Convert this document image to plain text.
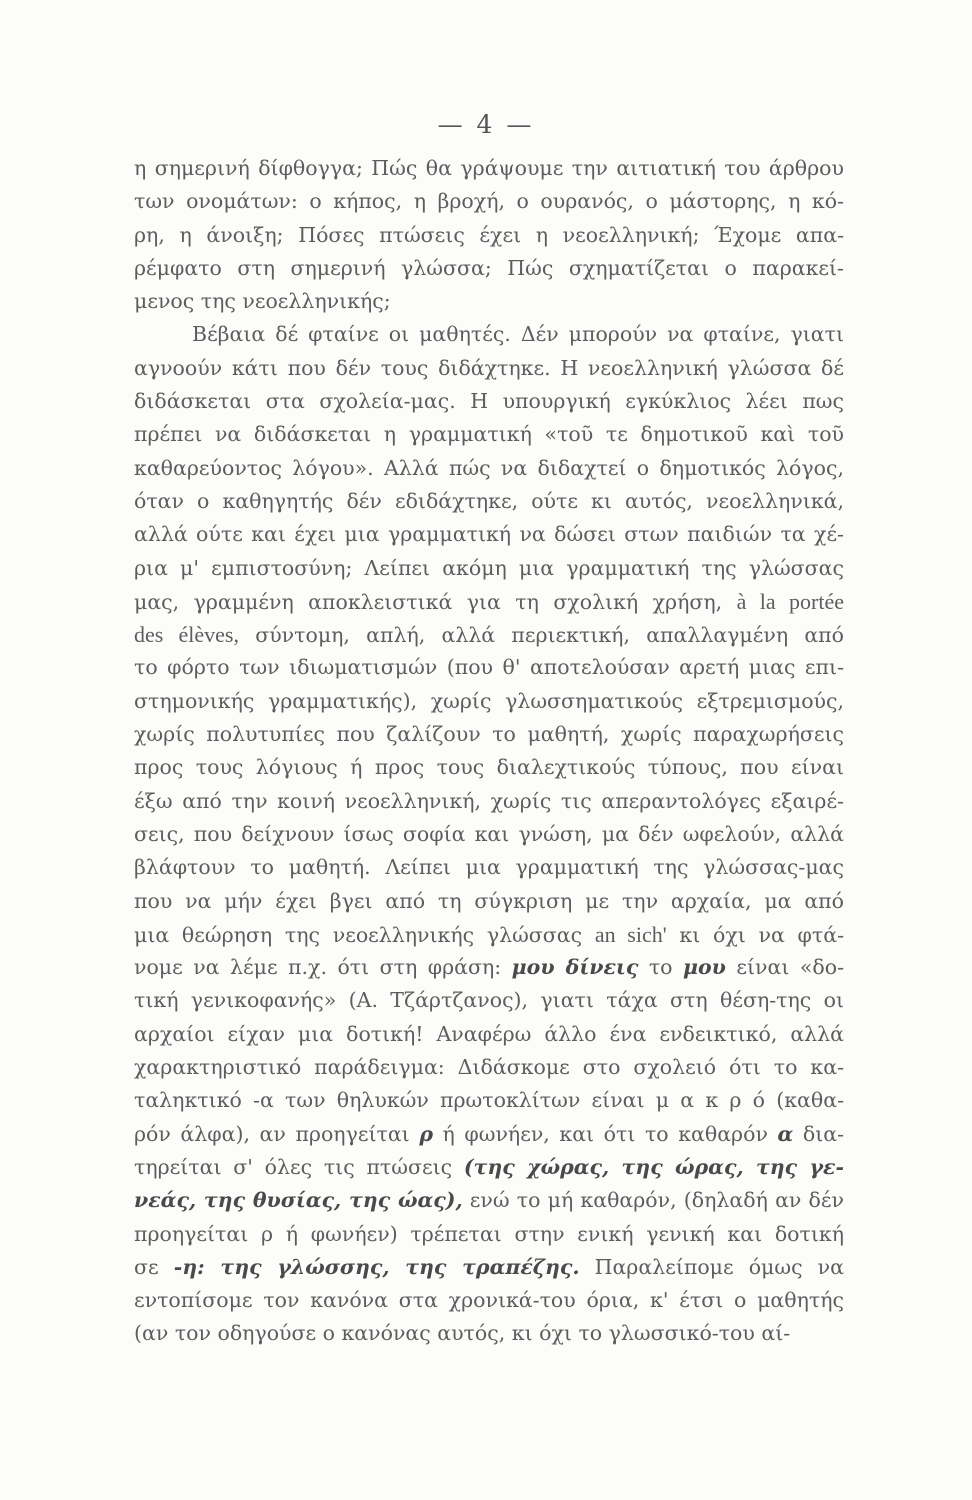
— 4 —
η σημερινή δίφθογγα; Πώς θα γράψουμε την αιτιατική του άρθρου
των ονομάτων: ο κήπος, η βροχή, ο ουρανός, ο μάστορης, η κό-
ρη, η άνοιξη; Πόσες πτώσεις έχει η νεοελληνική; Έχομε απα-
ρέμφατο στη σημερινή γλώσσα; Πώς σχηματίζεται ο παρακεί-
μενος της νεοελληνικής;
Βέβαια δέ φταίνε οι μαθητές. Δέν μπορούν να φταίνε, γιατι
αγνοούν κάτι που δέν τους διδάχτηκε. Η νεοελληνική γλώσσα δέ
διδάσκεται στα σχολεία-μας. Η υπουργική εγκύκλιος λέει πως
πρέπει να διδάσκεται η γραμματική «τοῦ τε δημοτικοῦ καὶ τοῦ
καθαρεύοντος λόγου». Αλλά πώς να διδαχτεί ο δημοτικός λόγος,
όταν ο καθηγητής δέν εδιδάχτηκε, ούτε κι αυτός, νεοελληνικά,
αλλά ούτε και έχει μια γραμματική να δώσει στων παιδιών τα χέ-
ρια μ' εμπιστοσύνη; Λείπει ακόμη μια γραμματική της γλώσσας
μας, γραμμένη αποκλειστικά για τη σχολική χρήση, à la portée
des élèves, σύντομη, απλή, αλλά περιεκτική, απαλλαγμένη από
το φόρτο των ιδιωματισμών (που θ' αποτελούσαν αρετή μιας επι-
στημονικής γραμματικής), χωρίς γλωσσηματικούς εξτρεμισμούς,
χωρίς πολυτυπίες που ζαλίζουν το μαθητή, χωρίς παραχωρήσεις
προς τους λόγιους ή προς τους διαλεχτικούς τύπους, που είναι
έξω από την κοινή νεοελληνική, χωρίς τις απεραντολόγες εξαιρέ-
σεις, που δείχνουν ίσως σοφία και γνώση, μα δέν ωφελούν, αλλά
βλάφτουν το μαθητή. Λείπει μια γραμματική της γλώσσας-μας
που να μήν έχει βγει από τη σύγκριση με την αρχαία, μα από
μια θεώρηση της νεοελληνικής γλώσσας an sich' κι όχι να φτά-
νομε να λέμε π.χ. ότι στη φράση: μου δίνεις το μου είναι «δο-
τική γενικοφανής» (Α. Τζάρτζανος), γιατι τάχα στη θέση-της οι
αρχαίοι είχαν μια δοτική! Αναφέρω άλλο ένα ενδεικτικό, αλλά
χαρακτηριστικό παράδειγμα: Διδάσκομε στο σχολειό ότι το κα-
ταληκτικό -α των θηλυκών πρωτοκλίτων είναι μ α κ ρ ό (καθα-
ρόν άλφα), αν προηγείται ρ ή φωνήεν, και ότι το καθαρόν α δια-
τηρείται σ' όλες τις πτώσεις (της χώρας, της ώρας, της γε-
νεάς, της θυσίας, της ώας), ενώ το μή καθαρόν, (δηλαδή αν δέν
προηγείται ρ ή φωνήεν) τρέπεται στην ενική γενική και δοτική
σε -η: της γλώσσης, της τραπέζης. Παραλείπομε όμως να
εντοπίσομε τον κανόνα στα χρονικά-του όρια, κ' έτσι ο μαθητής
(αν τον οδηγούσε ο κανόνας αυτός, κι όχι το γλωσσικό-του αί-
